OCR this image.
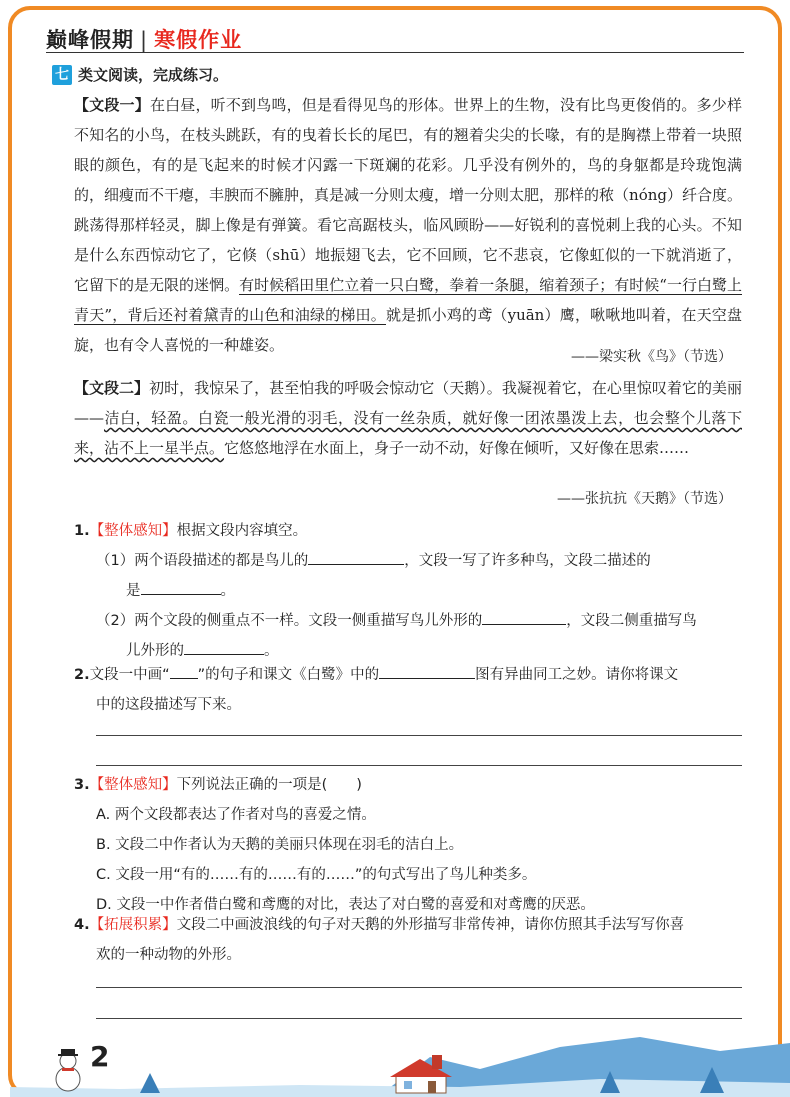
巅峰假期 | 寒假作业
七 类文阅读，完成练习。
【文段一】在白昼，听不到鸟鸣，但是看得见鸟的形体。世界上的生物，没有比鸟更俊俏的。多少样不知名的小鸟，在枝头跳跃，有的曳着长长的尾巴，有的翘着尖尖的长喙，有的是胸襟上带着一块照眼的颜色，有的是飞起来的时候才闪露一下斑斓的花彩。几乎没有例外的，鸟的身躯都是玲珑饱满的，细瘦而不干瘪，丰腴而不臃肿，真是减一分则太瘦，增一分则太肥，那样的秾（nóng）纤合度。跳荡得那样轻灵，脚上像是有弹簧。看它高踞枝头，临风顾盼——好锐利的喜悦刺上我的心头。不知是什么东西惊动它了，它倏（shū）地振翅飞去，它不回顾，它不悲哀，它像虹似的一下就消逝了，它留下的是无限的迷惘。有时候稻田里伫立着一只白鹭，拳着一条腿，缩着颈子；有时候“一行白鹭上青天”，背后还衬着黛青的山色和油绿的梯田。就是抓小鸡的鸢（yuān）鹰，啾啾地叫着，在天空盘旋，也有令人喜悦的一种雄姿。
——梁实秋《鸟》（节选）
【文段二】初时，我惊呆了，甚至怕我的呼吸会惊动它（天鹅）。我凝视着它，在心里惊叹着它的美丽——洁白，轻盈。白瓷一般光滑的羽毛，没有一丝杂质，就好像一团浓墨泼上去，也会整个儿落下来，沾不上一星半点。它悠悠地浮在水面上，身子一动不动，好像在倾听，又好像在思索……
——张抗抗《天鹅》（节选）
1.【整体感知】根据文段内容填空。
（1）两个语段描述的都是鸟儿的	，文段一写了许多种鸟，文段二描述的
是	。
（2）两个文段的侧重点不一样。文段一侧重描写鸟儿外形的	，文段二侧重描写鸟
儿外形的	。
2.文段一中画“ ”的句子和课文《白鹭》中的	图有异曲同工之妙。请你将课文
中的这段描述写下来。
3.【整体感知】下列说法正确的一项是(　　)
A. 两个文段都表达了作者对鸟的喜爱之情。
B. 文段二中作者认为天鹅的美丽只体现在羽毛的洁白上。
C. 文段一用“有的……有的……有的……”的句式写出了鸟儿种类多。
D. 文段一中作者借白鹭和鸢鹰的对比，表达了对白鹭的喜爱和对鸢鹰的厌恶。
4.【拓展积累】文段二中画波浪线的句子对天鹅的外形描写非常传神，请你仿照其手法写写你喜
欢的一种动物的外形。
2
